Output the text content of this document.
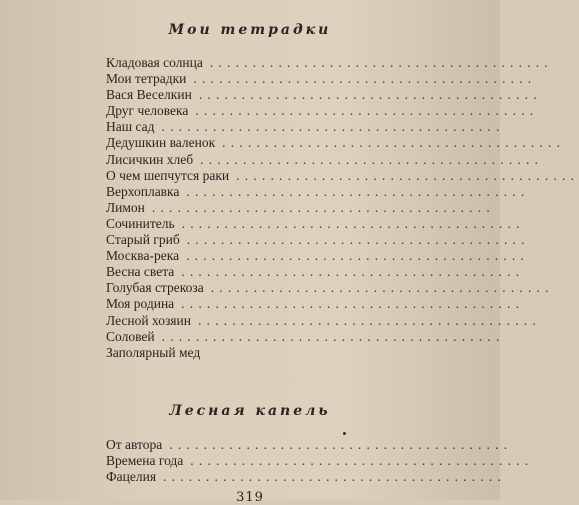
Мои тетрадки
Кладовая солнца ........................................
Мои тетрадки ........................................
Вася Веселкин ........................................
Друг человека ........................................
Наш сад ........................................
Дедушкин валенок ........................................
Лисичкин хлеб ........................................
О чем шепчутся раки ........................................
Верхоплавка ........................................
Лимон ........................................
Сочинитель ........................................
Старый гриб ........................................
Москва-река ........................................
Весна света ........................................
Голубая стрекоза ........................................
Моя родина ........................................
Лесной хозяин ........................................
Соловей ........................................
Заполярный мед
Лесная капель
От автора ........................................
Времена года ........................................
Фацелия ........................................
319
